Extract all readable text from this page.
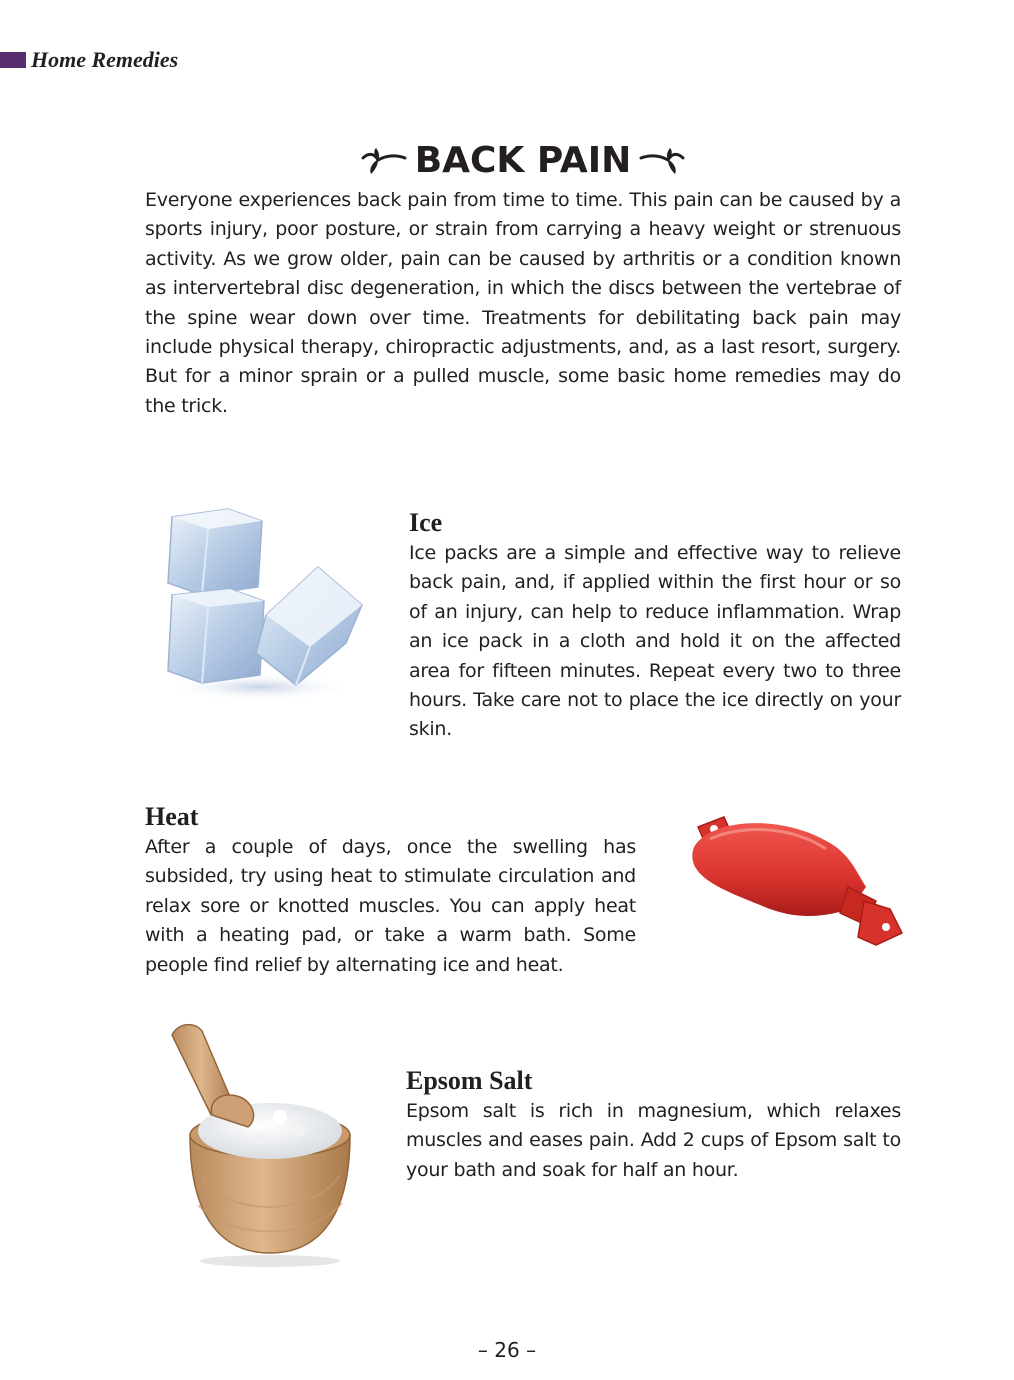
Home Remedies
BACK PAIN

Everyone experiences back pain from time to time. This pain can be caused by a sports injury, poor posture, or strain from carrying a heavy weight or strenuous activity. As we grow older, pain can be caused by arthritis or a condition known as intervertebral disc degeneration, in which the discs between the vertebrae of the spine wear down over time. Treatments for debilitating back pain may include physical therapy, chiropractic adjustments, and, as a last resort, surgery. But for a minor sprain or a pulled muscle, some basic home remedies may do the trick.

Ice

Ice packs are a simple and effective way to relieve back pain, and, if applied within the first hour or so of an injury, can help to reduce inflammation. Wrap an ice pack in a cloth and hold it on the affected area for fifteen minutes. Repeat every two to three hours. Take care not to place the ice directly on your skin.

Heat

After a couple of days, once the swelling has subsided, try using heat to stimulate circulation and relax sore or knotted muscles. You can apply heat with a heating pad, or take a warm bath. Some people find relief by alternating ice and heat.

Epsom Salt

Epsom salt is rich in magnesium, which relaxes muscles and eases pain. Add 2 cups of Epsom salt to your bath and soak for half an hour.

– 26 –
